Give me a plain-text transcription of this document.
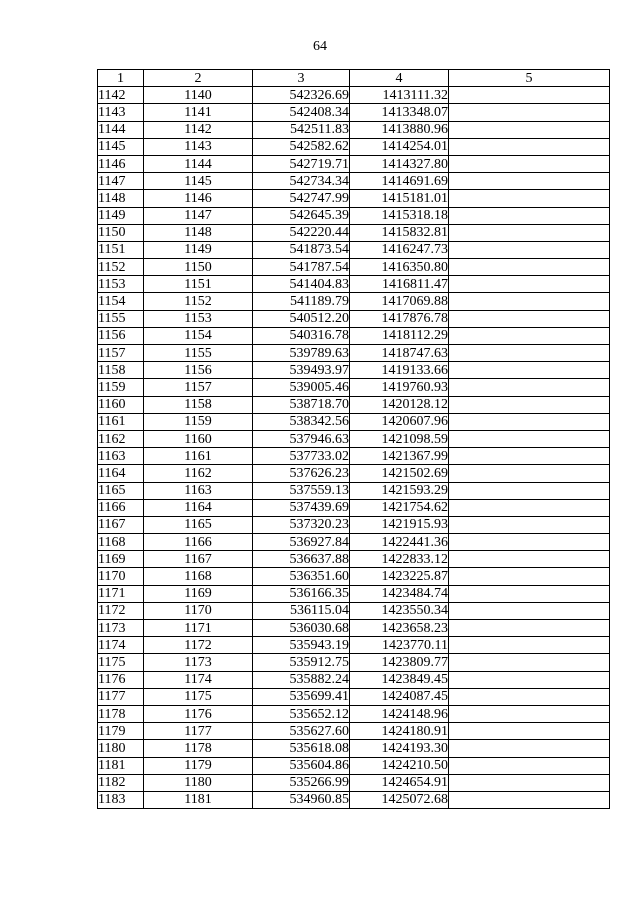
64
1	2	3	4	5
1142	1140	542326.69	1413111.32	
1143	1141	542408.34	1413348.07	
1144	1142	542511.83	1413880.96	
1145	1143	542582.62	1414254.01	
1146	1144	542719.71	1414327.80	
1147	1145	542734.34	1414691.69	
1148	1146	542747.99	1415181.01	
1149	1147	542645.39	1415318.18	
1150	1148	542220.44	1415832.81	
1151	1149	541873.54	1416247.73	
1152	1150	541787.54	1416350.80	
1153	1151	541404.83	1416811.47	
1154	1152	541189.79	1417069.88	
1155	1153	540512.20	1417876.78	
1156	1154	540316.78	1418112.29	
1157	1155	539789.63	1418747.63	
1158	1156	539493.97	1419133.66	
1159	1157	539005.46	1419760.93	
1160	1158	538718.70	1420128.12	
1161	1159	538342.56	1420607.96	
1162	1160	537946.63	1421098.59	
1163	1161	537733.02	1421367.99	
1164	1162	537626.23	1421502.69	
1165	1163	537559.13	1421593.29	
1166	1164	537439.69	1421754.62	
1167	1165	537320.23	1421915.93	
1168	1166	536927.84	1422441.36	
1169	1167	536637.88	1422833.12	
1170	1168	536351.60	1423225.87	
1171	1169	536166.35	1423484.74	
1172	1170	536115.04	1423550.34	
1173	1171	536030.68	1423658.23	
1174	1172	535943.19	1423770.11	
1175	1173	535912.75	1423809.77	
1176	1174	535882.24	1423849.45	
1177	1175	535699.41	1424087.45	
1178	1176	535652.12	1424148.96	
1179	1177	535627.60	1424180.91	
1180	1178	535618.08	1424193.30	
1181	1179	535604.86	1424210.50	
1182	1180	535266.99	1424654.91	
1183	1181	534960.85	1425072.68	
